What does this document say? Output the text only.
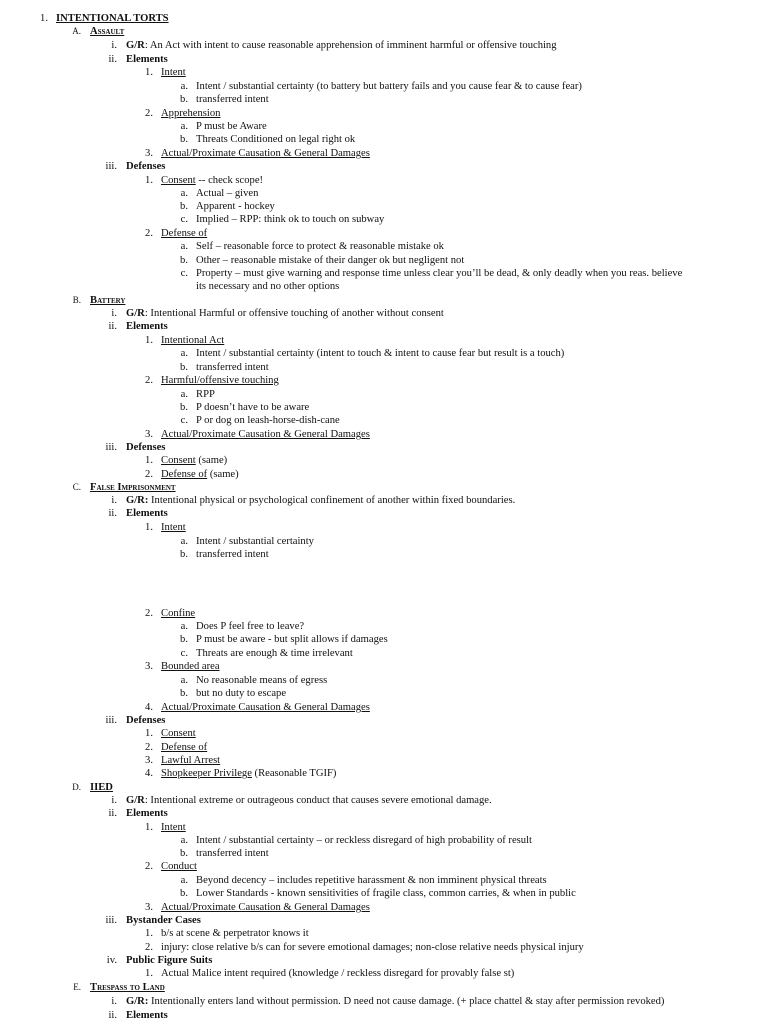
1. INTENTIONAL TORTS
A. Assault
i. G/R: An Act with intent to cause reasonable apprehension of imminent harmful or offensive touching
ii. Elements
1. Intent
a. Intent / substantial certainty (to battery but battery fails and you cause fear & to cause fear)
b. transferred intent
2. Apprehension
a. P must be Aware
b. Threats Conditioned on legal right ok
3. Actual/Proximate Causation & General Damages
iii. Defenses
1. Consent -- check scope!
a. Actual – given
b. Apparent - hockey
c. Implied – RPP: think ok to touch on subway
2. Defense of
a. Self – reasonable force to protect & reasonable mistake ok
b. Other – reasonable mistake of their danger ok but negligent not
c. Property – must give warning and response time unless clear you’ll be dead, & only deadly when you reas. believe
its necessary and no other options
B. Battery
i. G/R: Intentional Harmful or offensive touching of another without consent
ii. Elements
1. Intentional Act
a. Intent / substantial certainty (intent to touch & intent to cause fear but result is a touch)
b. transferred intent
2. Harmful/offensive touching
a. RPP
b. P doesn’t have to be aware
c. P or dog on leash-horse-dish-cane
3. Actual/Proximate Causation & General Damages
iii. Defenses
1. Consent (same)
2. Defense of (same)
C. False Imprisonment
i. G/R: Intentional physical or psychological confinement of another within fixed boundaries.
ii. Elements
1. Intent
a. Intent / substantial certainty
b. transferred intent
2. Confine
a. Does P feel free to leave?
b. P must be aware - but split allows if damages
c. Threats are enough & time irrelevant
3. Bounded area
a. No reasonable means of egress
b. but no duty to escape
4. Actual/Proximate Causation & General Damages
iii. Defenses
1. Consent
2. Defense of
3. Lawful Arrest
4. Shopkeeper Privilege (Reasonable TGIF)
D. IIED
i. G/R: Intentional extreme or outrageous conduct that causes severe emotional damage.
ii. Elements
1. Intent
a. Intent / substantial certainty – or reckless disregard of high probability of result
b. transferred intent
2. Conduct
a. Beyond decency – includes repetitive harassment & non imminent physical threats
b. Lower Standards - known sensitivities of fragile class, common carries, & when in public
3. Actual/Proximate Causation & General Damages
iii. Bystander Cases
1. b/s at scene & perpetrator knows it
2. injury: close relative b/s can for severe emotional damages; non-close relative needs physical injury
iv. Public Figure Suits
1. Actual Malice intent required (knowledge / reckless disregard for provably false st)
E. Trespass to Land
i. G/R: Intentionally enters land without permission. D need not cause damage. (+ place chattel & stay after permission revoked)
ii. Elements
